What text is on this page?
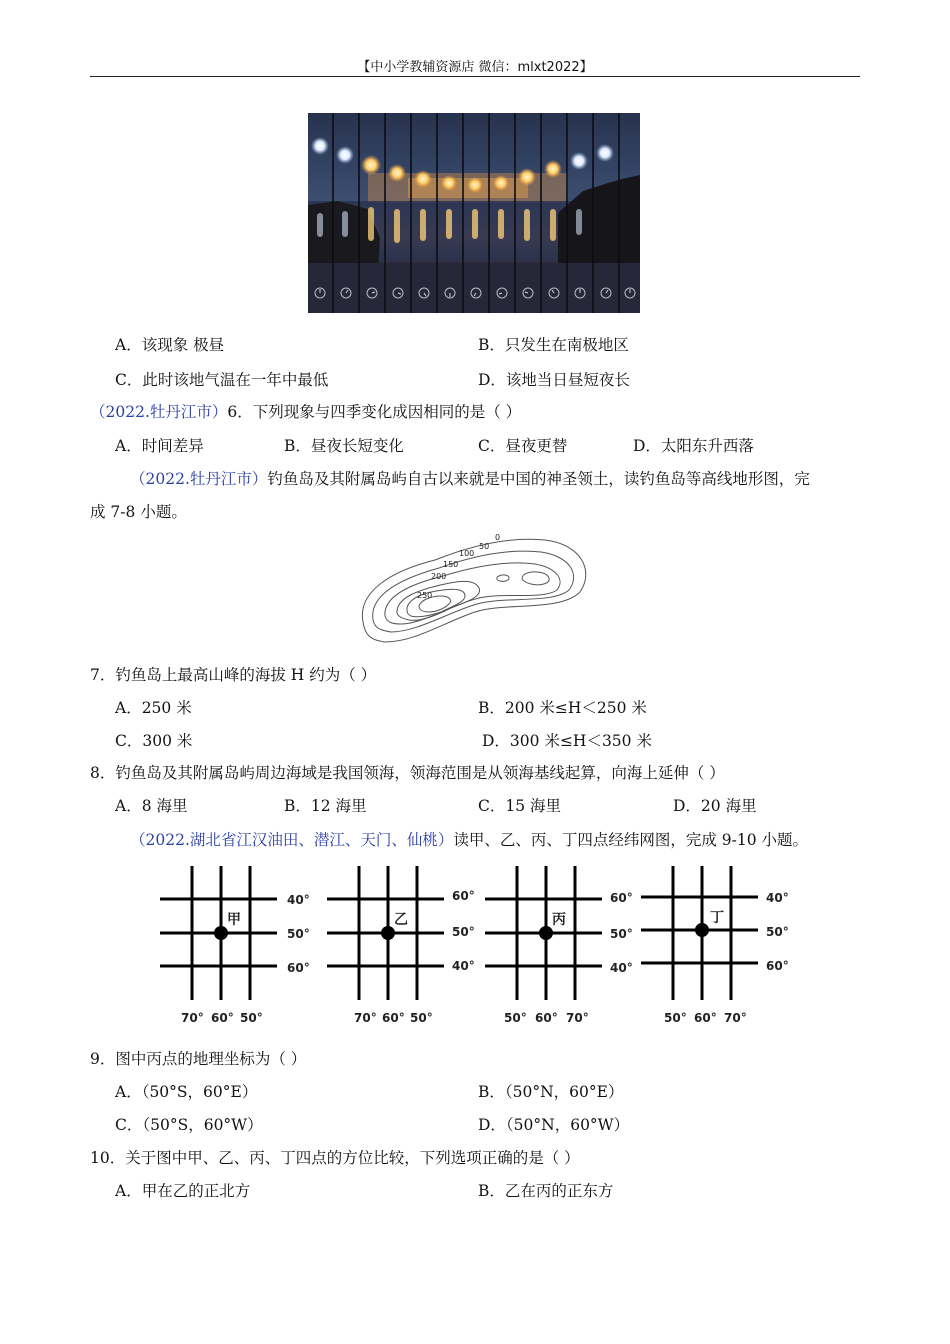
【中小学教辅资源店 微信：mlxt2022】
A．该现象 极昼	B．只发生在南极地区
C．此时该地气温在一年中最低	D．该地当日昼短夜长
（2022.牡丹江市）6．下列现象与四季变化成因相同的是（ ）
A．时间差异	B．昼夜长短变化	C．昼夜更替	D．太阳东升西落
（2022.牡丹江市）钓鱼岛及其附属岛屿自古以来就是中国的神圣领土，读钓鱼岛等高线地形图，完
成 7-8 小题。
0
50
100
150
200
250
7．钓鱼岛上最高山峰的海拔 H 约为（ ）
A．250 米	B．200 米≤H＜250 米
C．300 米	D．300 米≤H＜350 米
8．钓鱼岛及其附属岛屿周边海域是我国领海，领海范围是从领海基线起算，向海上延伸（ ）
A．8 海里	B．12 海里	C．15 海里	D．20 海里
（2022.湖北省江汉油田、潜江、天门、仙桃）读甲、乙、丙、丁四点经纬网图，完成 9-10 小题。
甲
40°
50°
60°
70° 60° 50°
乙
60°
50°
40°
70° 60° 50°
丙
60°
50°
40°
50° 60° 70°
丁
40°
50°
60°
50° 60° 70°
9．图中丙点的地理坐标为（ ）
A．（50°S，60°E）	B．（50°N，60°E）
C．（50°S，60°W）	D．（50°N，60°W）
10．关于图中甲、乙、丙、丁四点的方位比较，下列选项正确的是（ ）
A．甲在乙的正北方	B．乙在丙的正东方
